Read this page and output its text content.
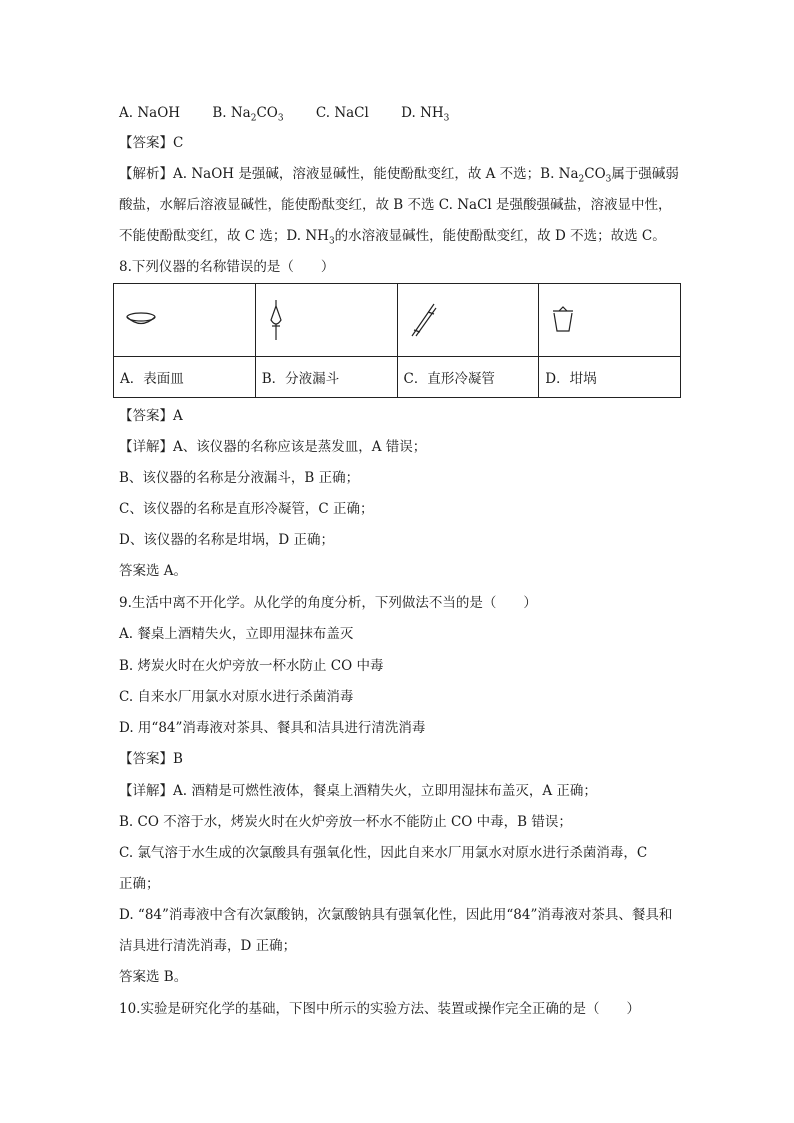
A. NaOH B. $Na_2CO_3$ C. NaCl D. $NH_3$
【答案】C
【解析】A. NaOH 是强碱，溶液显碱性，能使酚酞变红，故 A 不选；B. $Na_2CO_3$属于强碱弱
酸盐，水解后溶液显碱性，能使酚酞变红，故 B 不选 C. NaCl 是强酸强碱盐，溶液显中性，
不能使酚酞变红，故 C 选；D. $NH_3$的水溶液显碱性，能使酚酞变红，故 D 不选；故选 C。
8.下列仪器的名称错误的是（　　）

A．表面皿	B．分液漏斗	C．直形冷凝管	D．坩埚
【答案】A
【详解】A、该仪器的名称应该是蒸发皿，A 错误；
B、该仪器的名称是分液漏斗，B 正确；
C、该仪器的名称是直形冷凝管，C 正确；
D、该仪器的名称是坩埚，D 正确；
答案选 A。
9.生活中离不开化学。从化学的角度分析，下列做法不当的是（　　）
A. 餐桌上酒精失火，立即用湿抹布盖灭
B. 烤炭火时在火炉旁放一杯水防止 CO 中毒
C. 自来水厂用氯水对原水进行杀菌消毒
D. 用“84”消毒液对茶具、餐具和洁具进行清洗消毒
【答案】B
【详解】A. 酒精是可燃性液体，餐桌上酒精失火，立即用湿抹布盖灭，A 正确；
B. CO 不溶于水，烤炭火时在火炉旁放一杯水不能防止 CO 中毒，B 错误；
C. 氯气溶于水生成的次氯酸具有强氧化性，因此自来水厂用氯水对原水进行杀菌消毒，C
正确；
D. “84”消毒液中含有次氯酸钠，次氯酸钠具有强氧化性，因此用“84”消毒液对茶具、餐具和
洁具进行清洗消毒，D 正确；
答案选 B。
10.实验是研究化学的基础，下图中所示的实验方法、装置或操作完全正确的是（　　）
